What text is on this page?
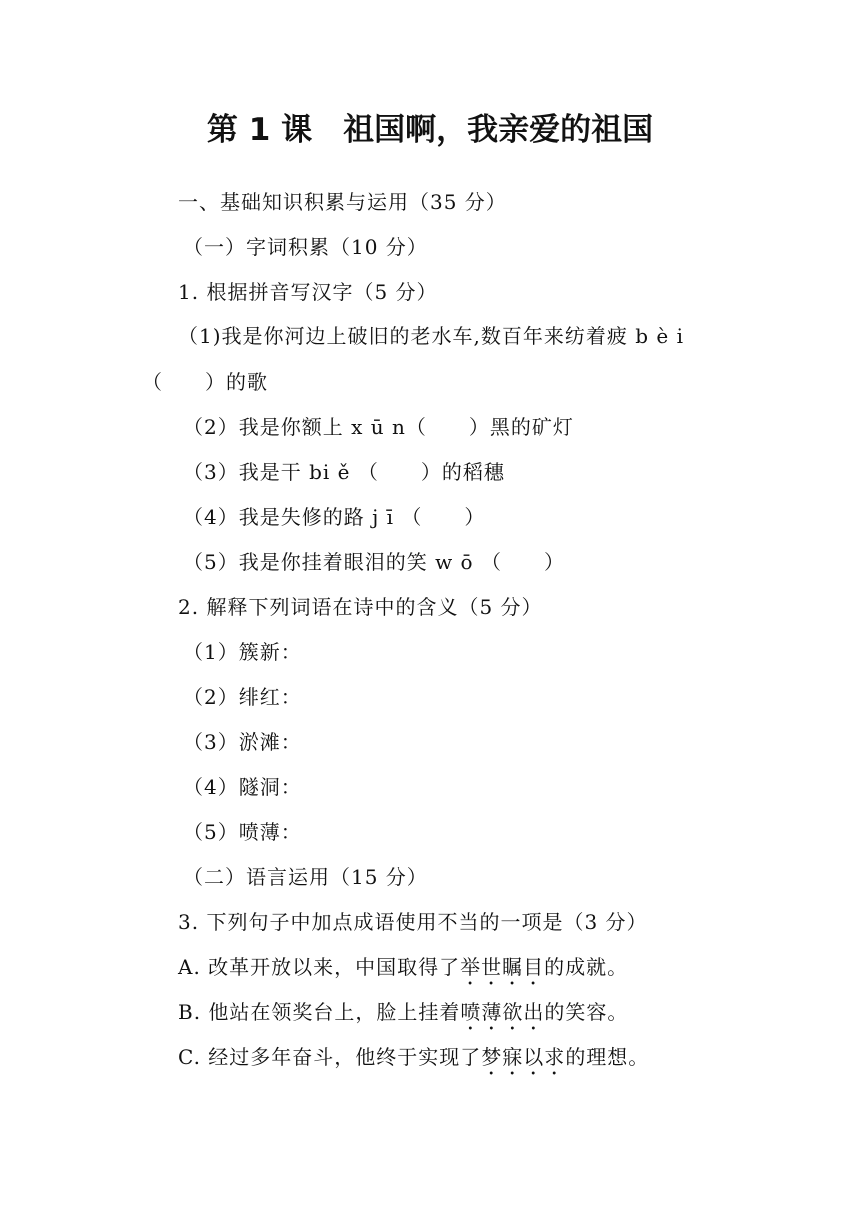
第 1 课　祖国啊，我亲爱的祖国
一、基础知识积累与运用（35 分）
（一）字词积累（10 分）
1. 根据拼音写汉字（5 分）
（1)我是你河边上破旧的老水车,数百年来纺着疲 b è i
（　　）的歌
（2）我是你额上 x ū n（　　）黑的矿灯
（3）我是干 bi ě （　　）的稻穗
（4）我是失修的路 j ī （　　）
（5）我是你挂着眼泪的笑 w ō （　　）
2. 解释下列词语在诗中的含义（5 分）
（1）簇新：
（2）绯红：
（3）淤滩：
（4）隧洞：
（5）喷薄：
（二）语言运用（15 分）
3. 下列句子中加点成语使用不当的一项是（3 分）
A. 改革开放以来，中国取得了举世瞩目的成就。
B. 他站在领奖台上，脸上挂着喷薄欲出的笑容。
C. 经过多年奋斗，他终于实现了梦寐以求的理想。
